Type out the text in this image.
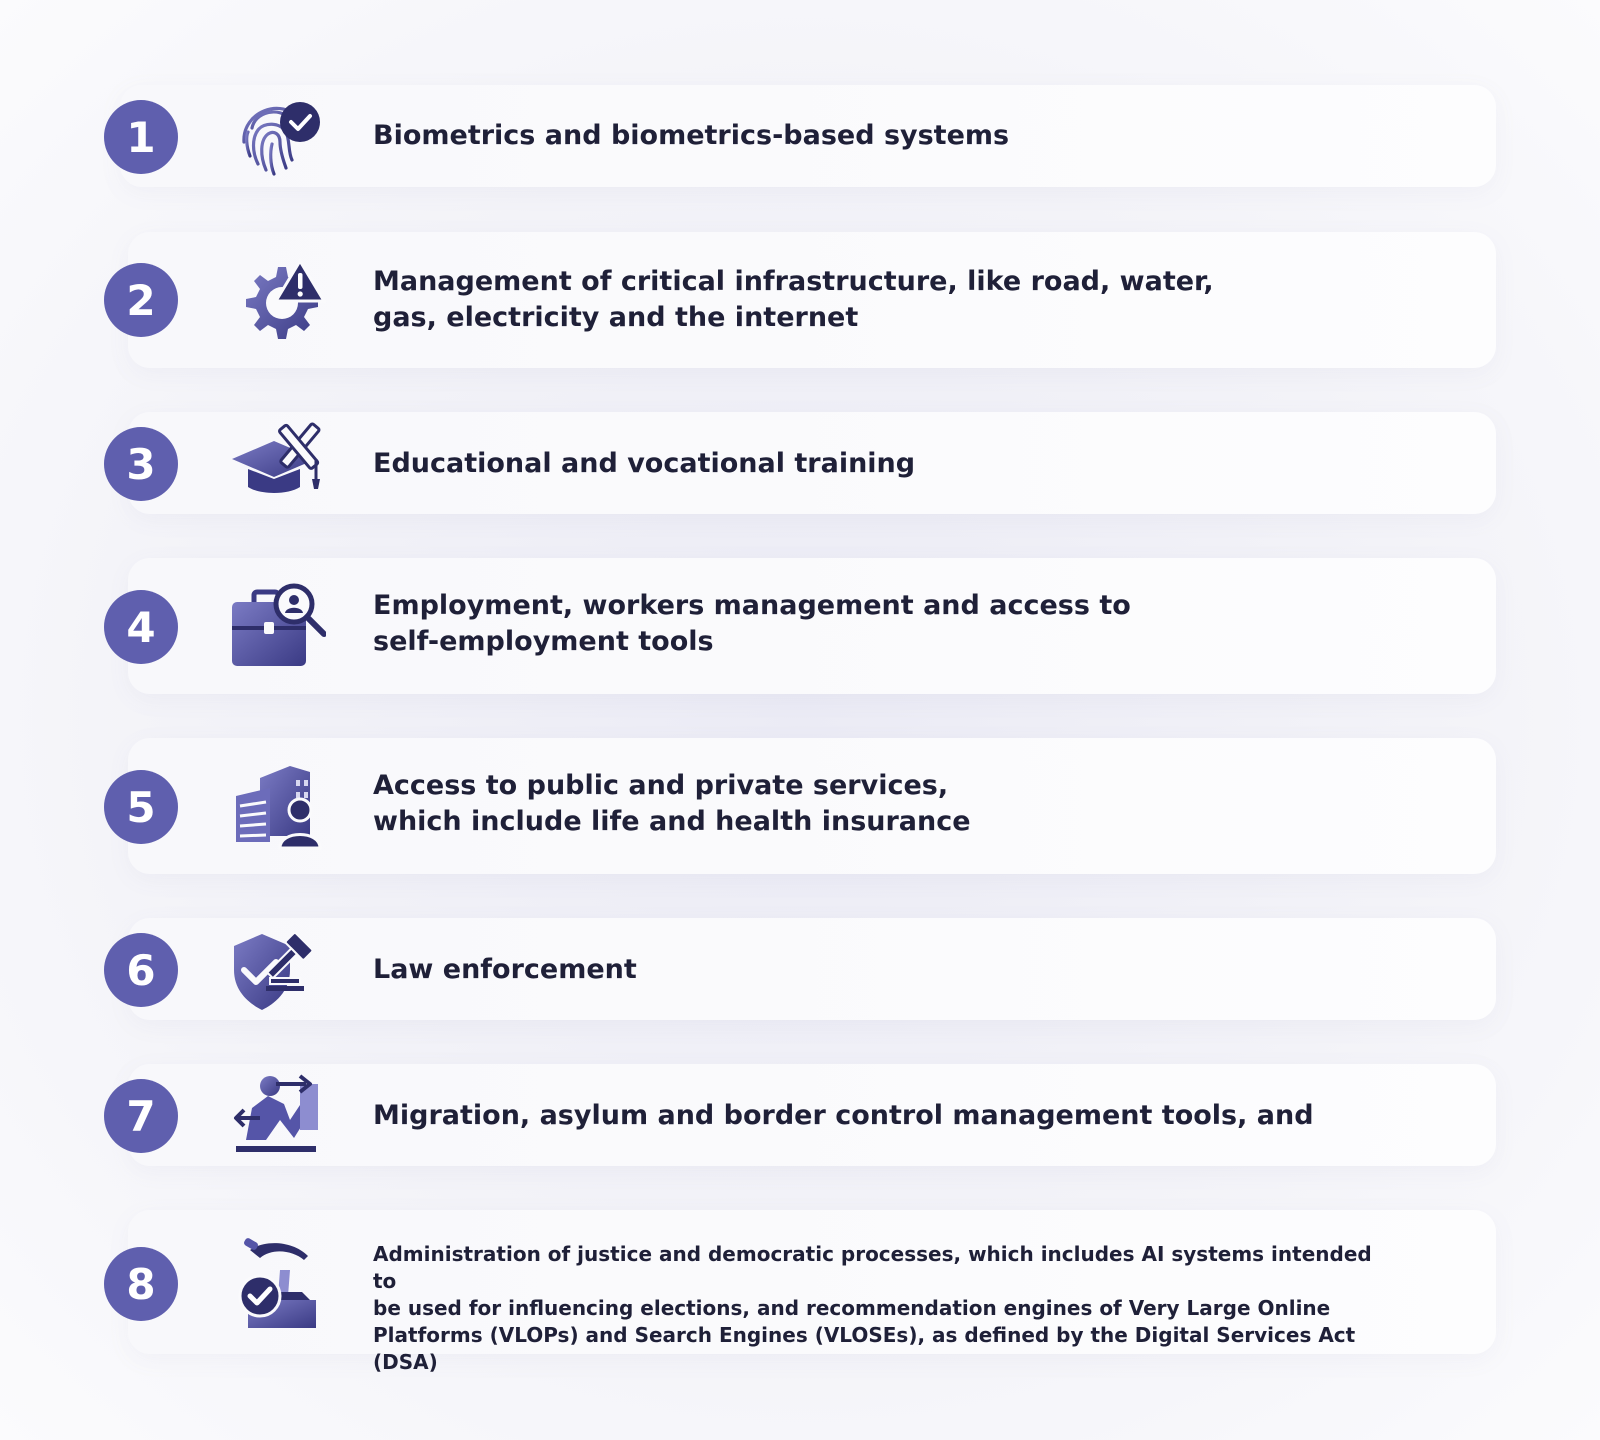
1	Biometrics and biometrics-based systems
2	Management of critical infrastructure, like road, water,
gas, electricity and the internet
3	Educational and vocational training
4	Employment, workers management and access to
self-employment tools
5	Access to public and private services,
which include life and health insurance
6	Law enforcement
7	Migration, asylum and border control management tools, and
8
Administration of justice and democratic processes, which includes AI systems intended to
be used for influencing elections, and recommendation engines of Very Large Online
Platforms (VLOPs) and Search Engines (VLOSEs), as defined by the Digital Services Act (DSA)
